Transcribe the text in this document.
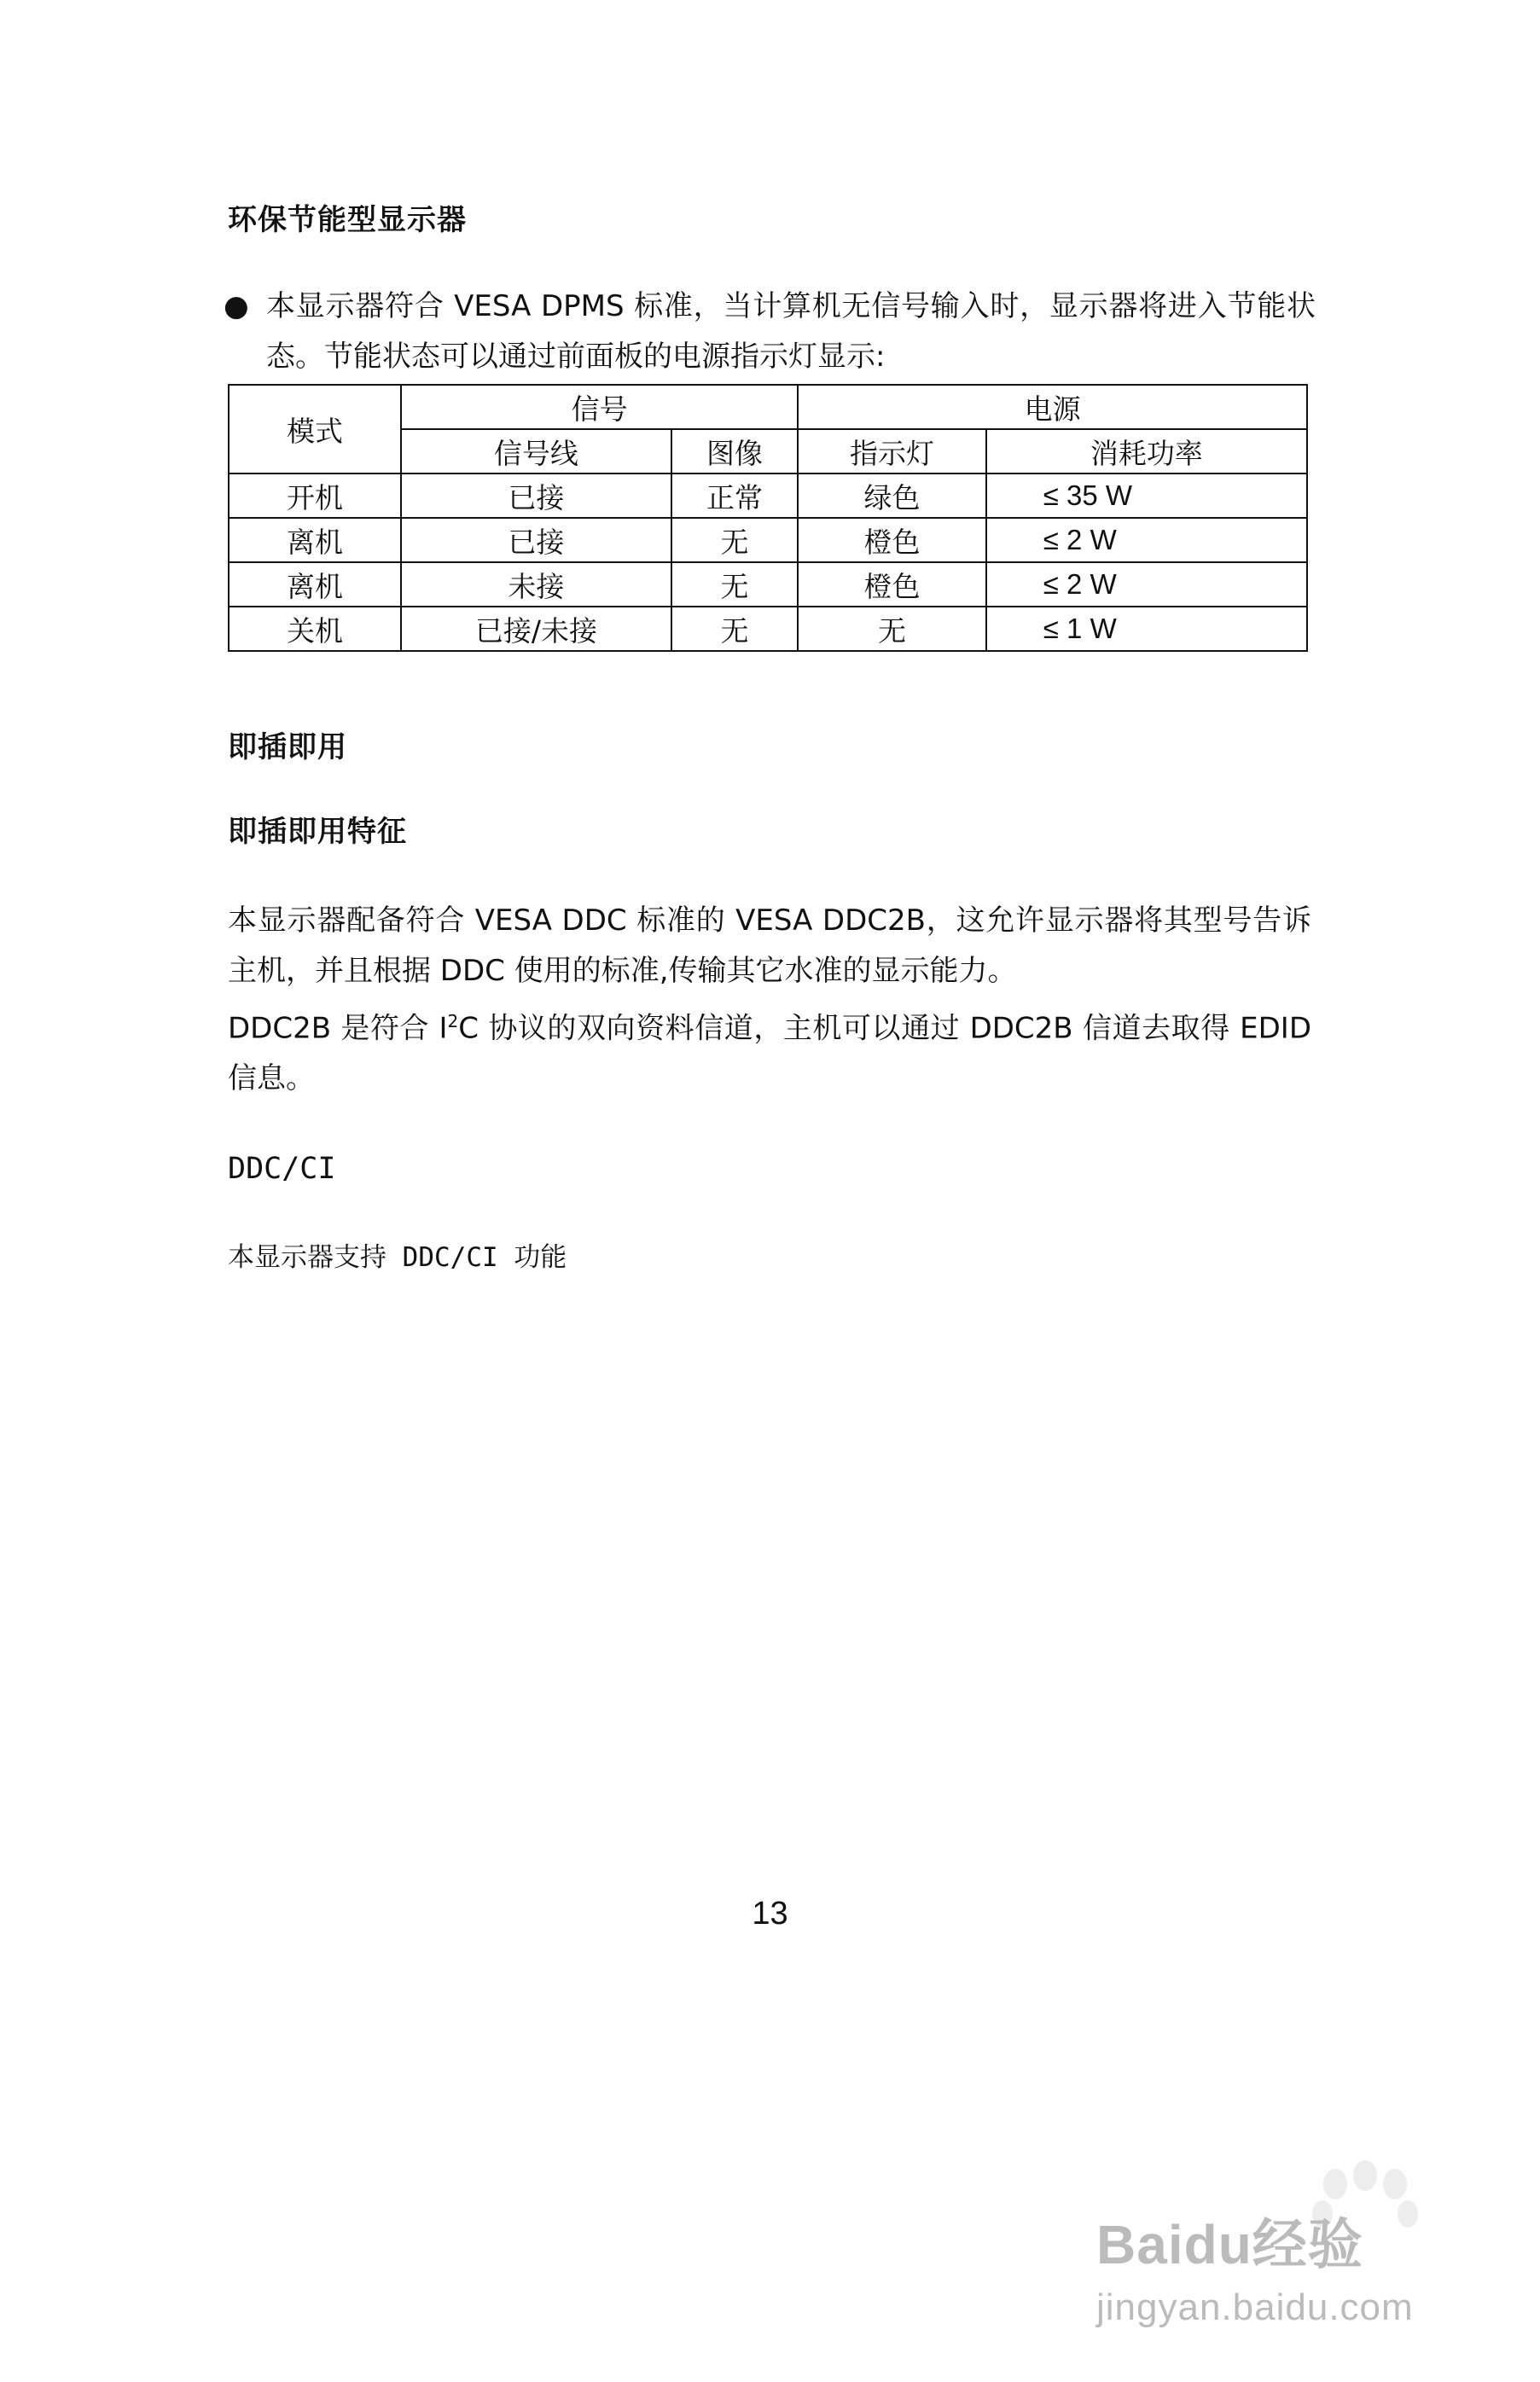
环保节能型显示器
● 本显示器符合 VESA DPMS 标准，当计算机无信号输入时，显示器将进入节能状态。节能状态可以通过前面板的电源指示灯显示:
模式	信号		电源	
	信号线	图像	指示灯	消耗功率
开机	已接	正常	绿色	≤ 35 W
离机	已接	无	橙色	≤ 2 W
离机	未接	无	橙色	≤ 2 W
关机	已接/未接	无	无	≤ 1 W
即插即用
即插即用特征
本显示器配备符合 VESA DDC 标准的 VESA DDC2B，这允许显示器将其型号告诉主机，并且根据 DDC 使用的标准,传输其它水准的显示能力。
DDC2B 是符合 $I^2C$ 协议的双向资料信道，主机可以通过 DDC2B 信道去取得 EDID 信息。
DDC/CI
本显示器支持 DDC/CI 功能
13
Baidu经验
jingyan.baidu.com
